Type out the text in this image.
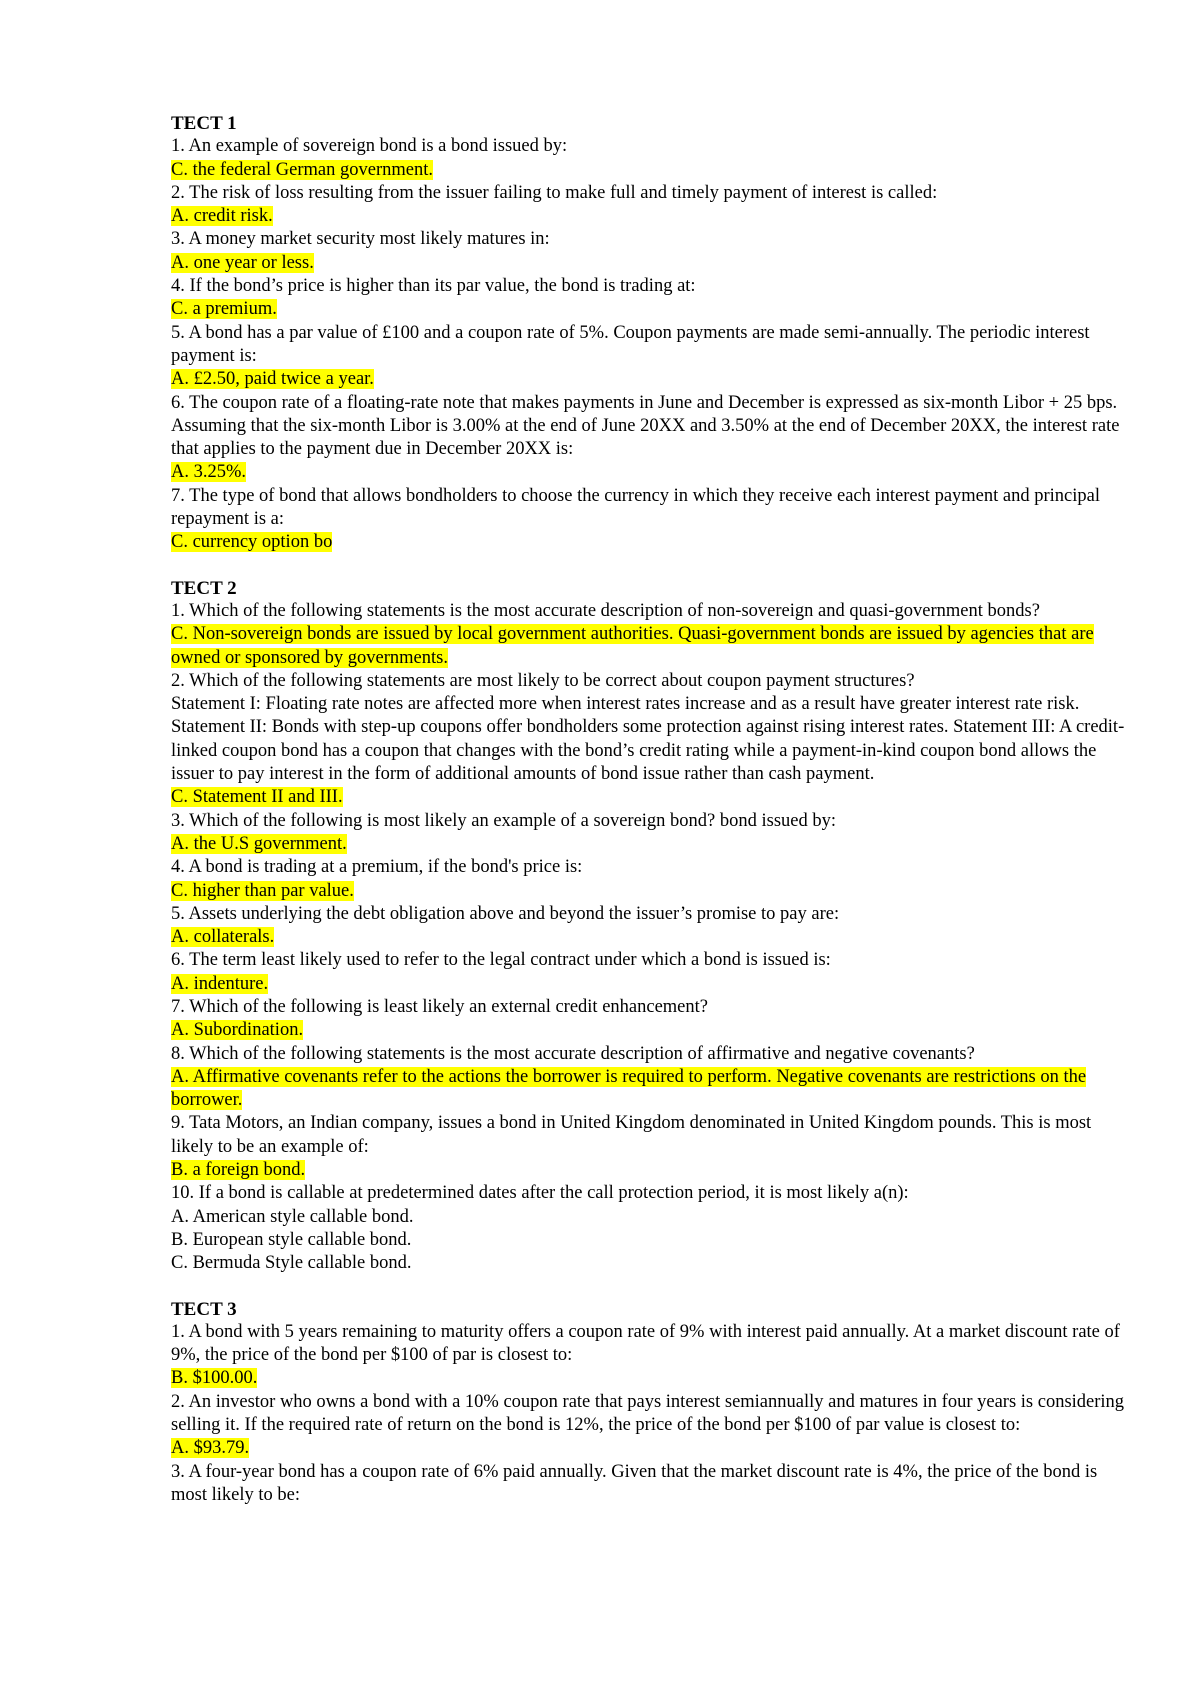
TECT 1
1. An example of sovereign bond is a bond issued by:
C. the federal German government.
2. The risk of loss resulting from the issuer failing to make full and timely payment of interest is called:
A. credit risk.
3. A money market security most likely matures in:
A. one year or less.
4. If the bond’s price is higher than its par value, the bond is trading at:
C. a premium.
5. A bond has a par value of £100 and a coupon rate of 5%. Coupon payments are made semi-annually. The periodic interest payment is:
A. £2.50, paid twice a year.
6. The coupon rate of a floating-rate note that makes payments in June and December is expressed as six-month Libor + 25 bps. Assuming that the six-month Libor is 3.00% at the end of June 20XX and 3.50% at the end of December 20XX, the interest rate that applies to the payment due in December 20XX is:
A. 3.25%.
7. The type of bond that allows bondholders to choose the currency in which they receive each interest payment and principal repayment is a:
C. currency option bo
TECT 2
1. Which of the following statements is the most accurate description of non-sovereign and quasi-government bonds?
C. Non-sovereign bonds are issued by local government authorities. Quasi-government bonds are issued by agencies that are owned or sponsored by governments.
2. Which of the following statements are most likely to be correct about coupon payment structures?
Statement I: Floating rate notes are affected more when interest rates increase and as a result have greater interest rate risk. Statement II: Bonds with step-up coupons offer bondholders some protection against rising interest rates. Statement III: A credit-linked coupon bond has a coupon that changes with the bond’s credit rating while a payment-in-kind coupon bond allows the issuer to pay interest in the form of additional amounts of bond issue rather than cash payment.
C. Statement II and III.
3. Which of the following is most likely an example of a sovereign bond? bond issued by:
A. the U.S government.
4. A bond is trading at a premium, if the bond's price is:
C. higher than par value.
5. Assets underlying the debt obligation above and beyond the issuer’s promise to pay are:
A. collaterals.
6. The term least likely used to refer to the legal contract under which a bond is issued is:
A. indenture.
7. Which of the following is least likely an external credit enhancement?
A. Subordination.
8. Which of the following statements is the most accurate description of affirmative and negative covenants?
A. Affirmative covenants refer to the actions the borrower is required to perform. Negative covenants are restrictions on the borrower.
9. Tata Motors, an Indian company, issues a bond in United Kingdom denominated in United Kingdom pounds. This is most likely to be an example of:
B. a foreign bond.
10. If a bond is callable at predetermined dates after the call protection period, it is most likely a(n):
A. American style callable bond.
B. European style callable bond.
C. Bermuda Style callable bond.
TECT 3
1. A bond with 5 years remaining to maturity offers a coupon rate of 9% with interest paid annually. At a market discount rate of 9%, the price of the bond per $100 of par is closest to:
B. $100.00.
2. An investor who owns a bond with a 10% coupon rate that pays interest semiannually and matures in four years is considering selling it. If the required rate of return on the bond is 12%, the price of the bond per $100 of par value is closest to:
A. $93.79.
3. A four-year bond has a coupon rate of 6% paid annually. Given that the market discount rate is 4%, the price of the bond is most likely to be:
